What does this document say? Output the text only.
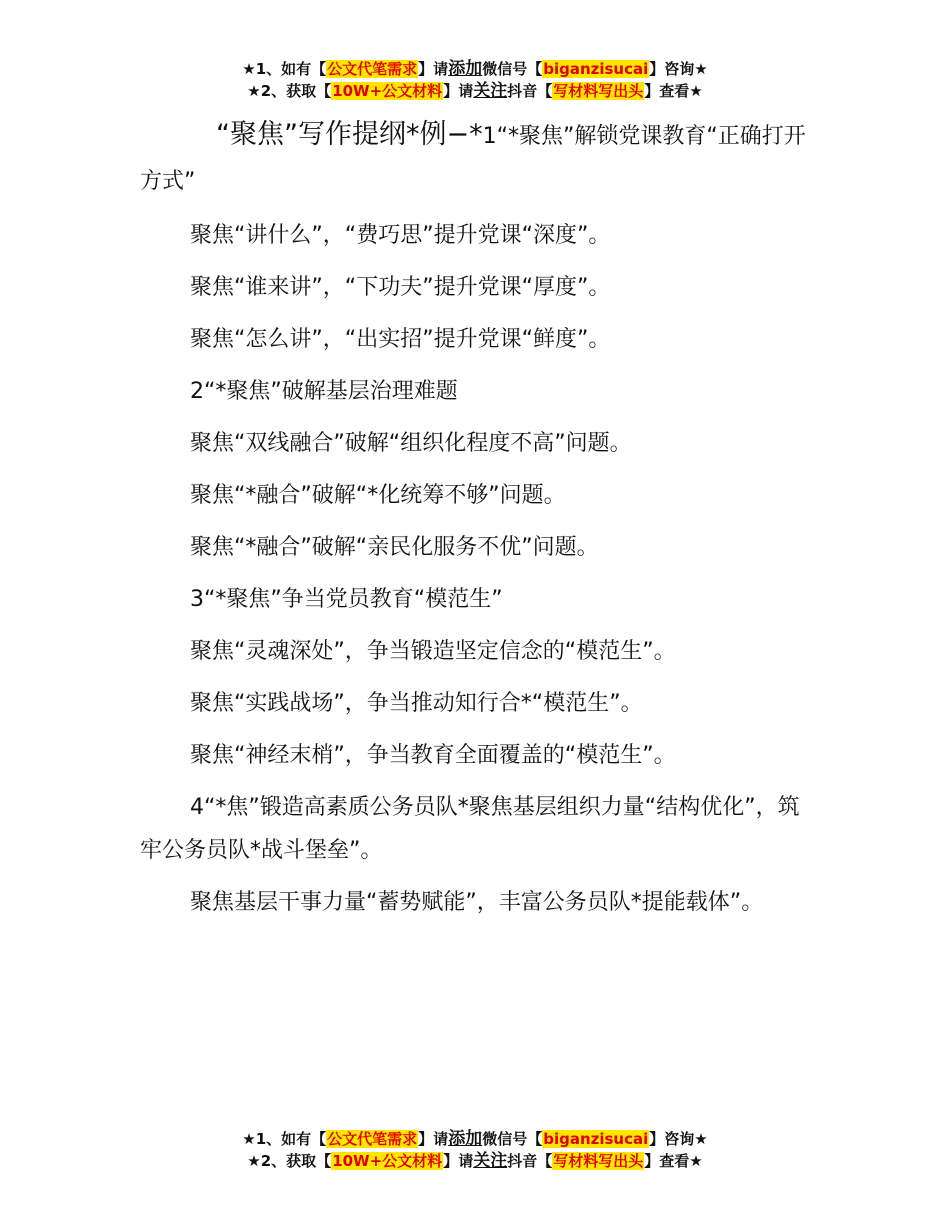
★1、如有【公文代笔需求】请添加微信号【biganzisucai】咨询★
★2、获取【10W+公文材料】请关注抖音【写材料写出头】查看★

“聚焦”写作提纲*例−*1“*聚焦”解锁党课教育“正确打开方式”

聚焦“讲什么”，“费巧思”提升党课“深度”。

聚焦“谁来讲”，“下功夫”提升党课“厚度”。

聚焦“怎么讲”，“出实招”提升党课“鲜度”。

2“*聚焦”破解基层治理难题

聚焦“双线融合”破解“组织化程度不高”问题。

聚焦“*融合”破解“*化统筹不够”问题。

聚焦“*融合”破解“亲民化服务不优”问题。

3“*聚焦”争当党员教育“模范生”

聚焦“灵魂深处”，争当锻造坚定信念的“模范生”。

聚焦“实践战场”，争当推动知行合*“模范生”。

聚焦“神经末梢”，争当教育全面覆盖的“模范生”。

4“*焦”锻造高素质公务员队*聚焦基层组织力量“结构优化”，筑牢公务员队*战斗堡垒”。

聚焦基层干事力量“蓄势赋能”，丰富公务员队*提能载体”。

★1、如有【公文代笔需求】请添加微信号【biganzisucai】咨询★
★2、获取【10W+公文材料】请关注抖音【写材料写出头】查看★
